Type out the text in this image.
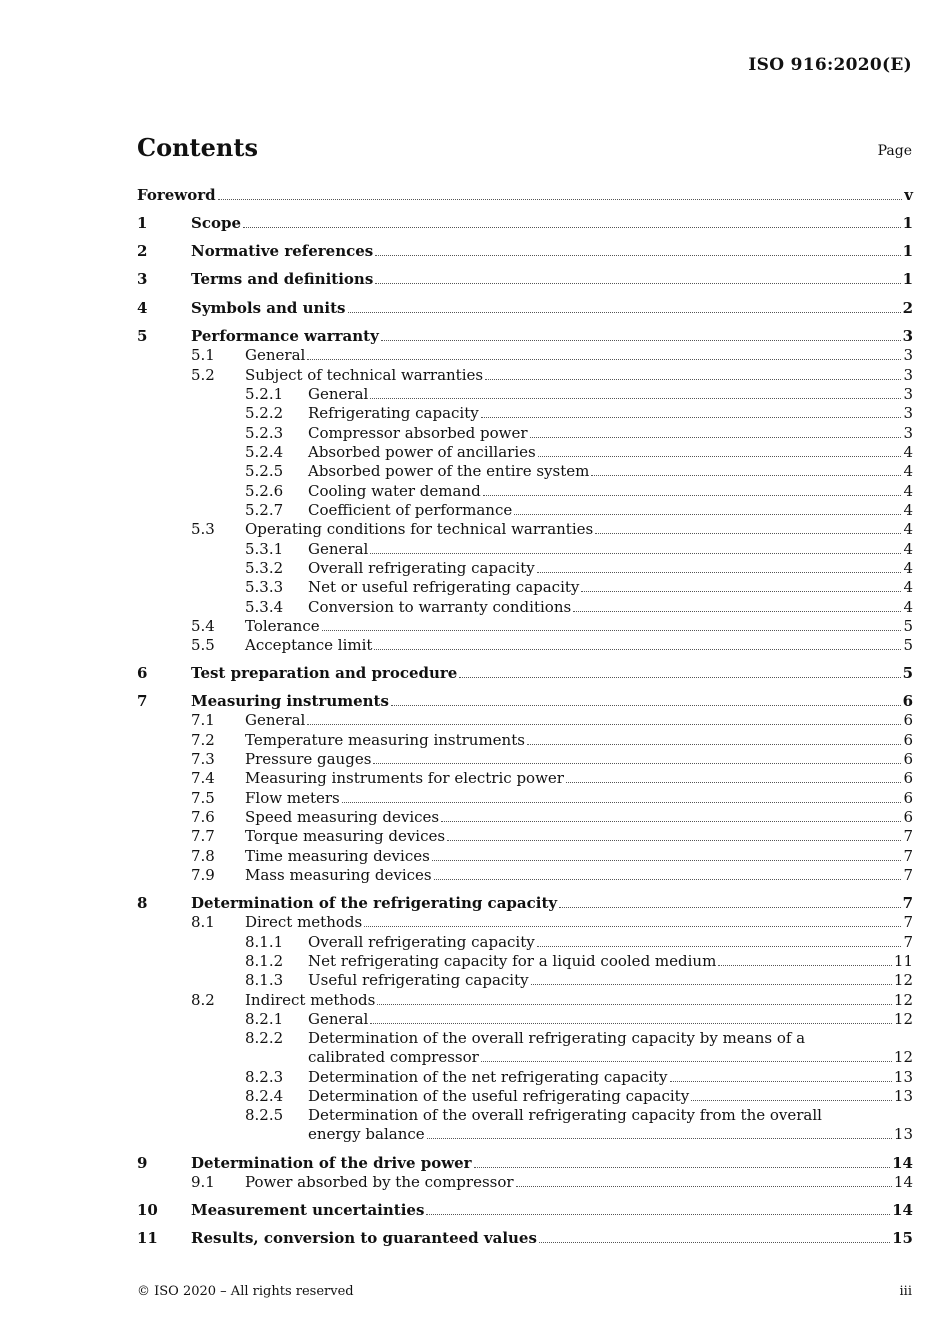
ISO 916:2020(E)
Contents	Page
Foreword	v
1	Scope	1
2	Normative references	1
3	Terms and definitions	1
4	Symbols and units	2
5	Performance warranty	3
5.1 General	3
5.2 Subject of technical warranties	3
5.2.1 General	3
5.2.2 Refrigerating capacity	3
5.2.3 Compressor absorbed power	3
5.2.4 Absorbed power of ancillaries	4
5.2.5 Absorbed power of the entire system	4
5.2.6 Cooling water demand	4
5.2.7 Coefficient of performance	4
5.3 Operating conditions for technical warranties	4
5.3.1 General	4
5.3.2 Overall refrigerating capacity	4
5.3.3 Net or useful refrigerating capacity	4
5.3.4 Conversion to warranty conditions	4
5.4 Tolerance	5
5.5 Acceptance limit	5
6	Test preparation and procedure	5
7	Measuring instruments	6
7.1 General	6
7.2 Temperature measuring instruments	6
7.3 Pressure gauges	6
7.4 Measuring instruments for electric power	6
7.5 Flow meters	6
7.6 Speed measuring devices	6
7.7 Torque measuring devices	7
7.8 Time measuring devices	7
7.9 Mass measuring devices	7
8	Determination of the refrigerating capacity	7
8.1 Direct methods	7
8.1.1 Overall refrigerating capacity	7
8.1.2 Net refrigerating capacity for a liquid cooled medium	11
8.1.3 Useful refrigerating capacity	12
8.2 Indirect methods	12
8.2.1 General	12
8.2.2 Determination of the overall refrigerating capacity by means of a
calibrated compressor	12
8.2.3 Determination of the net refrigerating capacity	13
8.2.4 Determination of the useful refrigerating capacity	13
8.2.5 Determination of the overall refrigerating capacity from the overall
energy balance	13
9	Determination of the drive power	14
9.1 Power absorbed by the compressor	14
10 Measurement uncertainties	14
11 Results, conversion to guaranteed values	15
© ISO 2020 – All rights reserved	iii
